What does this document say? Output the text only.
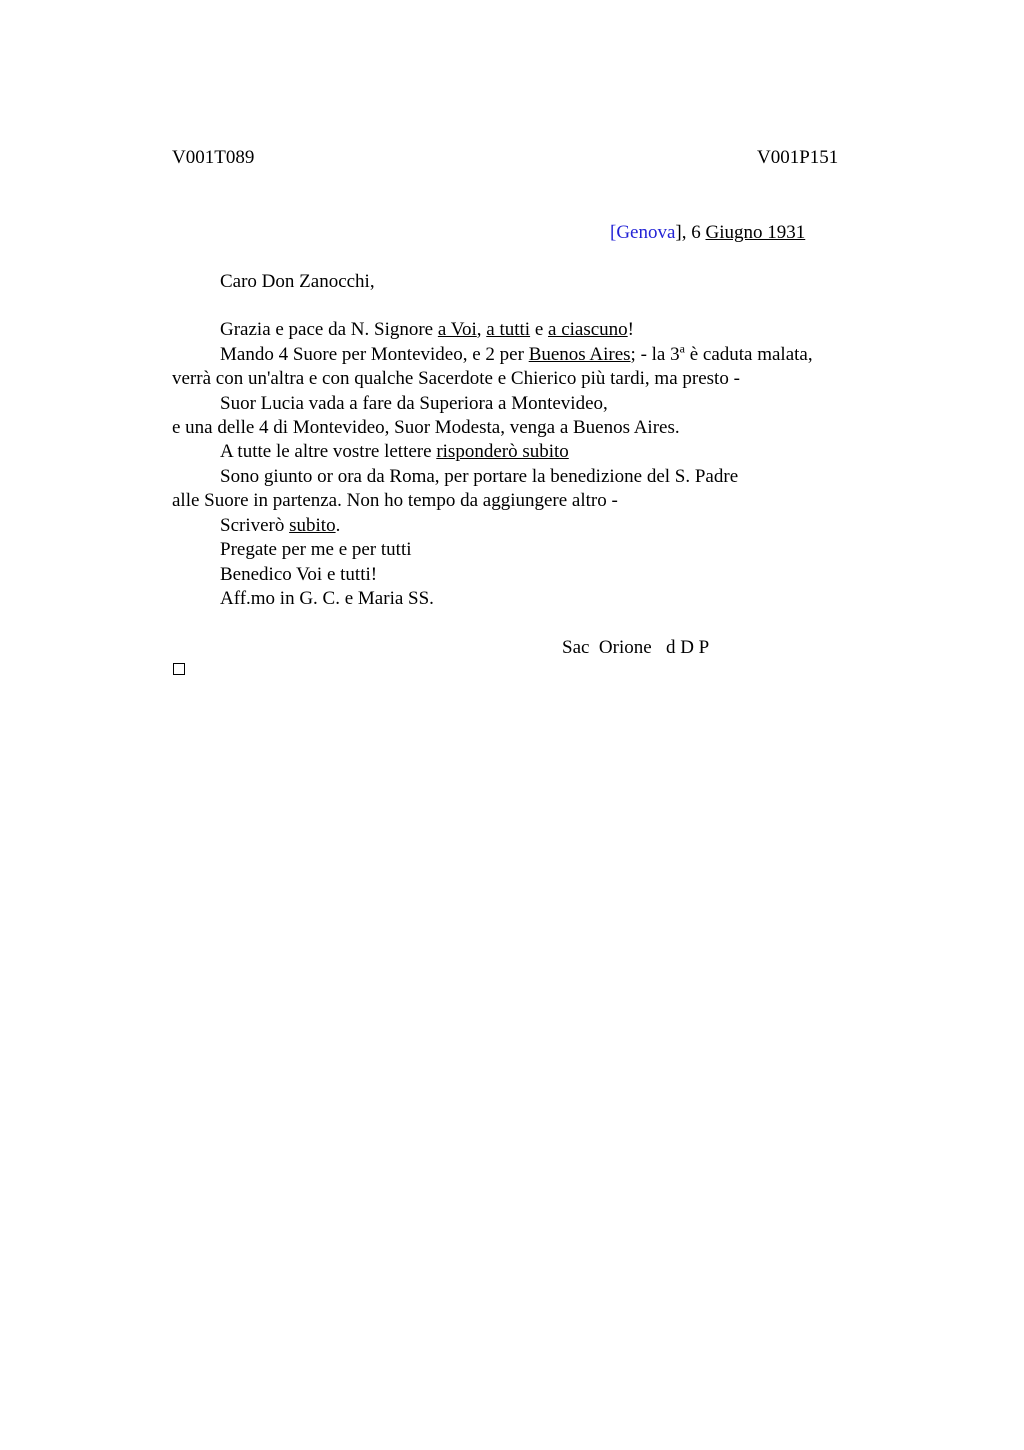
V001T089	V001P151
[Genova], 6 Giugno 1931
Caro Don Zanocchi,
Grazia e pace da N. Signore a Voi, a tutti e a ciascuno!
Mando 4 Suore per Montevideo, e 2 per Buenos Aires; - la 3$^a$ è caduta malata,
verrà con un'altra e con qualche Sacerdote e Chierico più tardi, ma presto -
Suor Lucia vada a fare da Superiora a Montevideo,
e una delle 4 di Montevideo, Suor Modesta, venga a Buenos Aires.
A tutte le altre vostre lettere risponderò subito
Sono giunto or ora da Roma, per portare la benedizione del S. Padre
alle Suore in partenza. Non ho tempo da aggiungere altro -
Scriverò subito.
Pregate per me e per tutti
Benedico Voi e tutti!
Aff.mo in G. C. e Maria SS.
Sac  Orione   d D P
